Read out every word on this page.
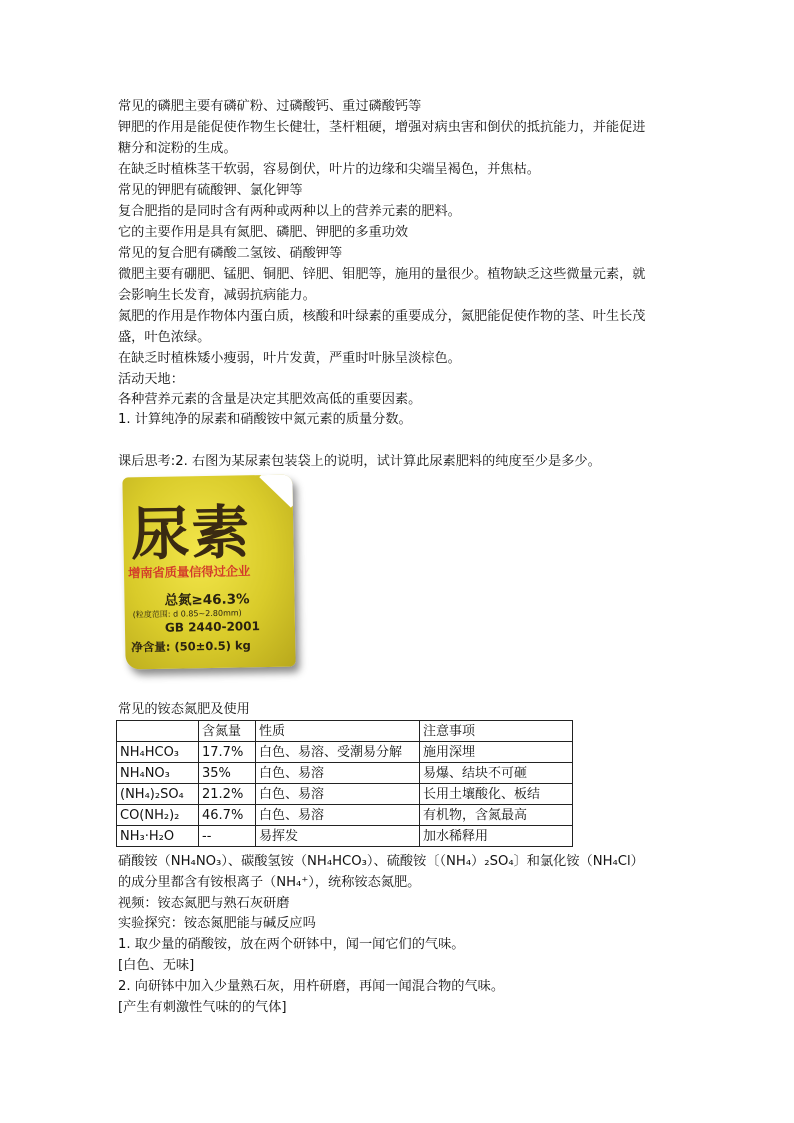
常见的磷肥主要有磷矿粉、过磷酸钙、重过磷酸钙等
钾肥的作用是能促使作物生长健壮，茎杆粗硬，增强对病虫害和倒伏的抵抗能力，并能促进
糖分和淀粉的生成。
在缺乏时植株茎干软弱，容易倒伏，叶片的边缘和尖端呈褐色，并焦枯。
常见的钾肥有硫酸钾、氯化钾等
复合肥指的是同时含有两种或两种以上的营养元素的肥料。
它的主要作用是具有氮肥、磷肥、钾肥的多重功效
常见的复合肥有磷酸二氢铵、硝酸钾等
微肥主要有硼肥、锰肥、铜肥、锌肥、钼肥等，施用的量很少。植物缺乏这些微量元素，就
会影响生长发育，减弱抗病能力。
氮肥的作用是作物体内蛋白质，核酸和叶绿素的重要成分，氮肥能促使作物的茎、叶生长茂
盛，叶色浓绿。
在缺乏时植株矮小瘦弱，叶片发黄，严重时叶脉呈淡棕色。
活动天地：
各种营养元素的含量是决定其肥效高低的重要因素。
1. 计算纯净的尿素和硝酸铵中氮元素的质量分数。
课后思考:2. 右图为某尿素包装袋上的说明，试计算此尿素肥料的纯度至少是多少。
尿素
增南省质量信得过企业
总氮≥46.3%
(粒度范围: d 0.85~2.80mm)
GB 2440-2001
净含量: (50±0.5) kg
常见的铵态氮肥及使用
	含氮量	性质	注意事项
NH₄HCO₃	17.7%	白色、易溶、受潮易分解	施用深埋
NH₄NO₃	35%	白色、易溶	易爆、结块不可砸
(NH₄)₂SO₄	21.2%	白色、易溶	长用土壤酸化、板结
CO(NH₂)₂	46.7%	白色、易溶	有机物，含氮最高
NH₃·H₂O	--	易挥发	加水稀释用
硝酸铵（NH₄NO₃）、碳酸氢铵（NH₄HCO₃）、硫酸铵〔（NH₄）₂SO₄〕和氯化铵（NH₄Cl）
的成分里都含有铵根离子（NH₄⁺），统称铵态氮肥。
视频：铵态氮肥与熟石灰研磨
实验探究：铵态氮肥能与碱反应吗
1. 取少量的硝酸铵，放在两个研钵中，闻一闻它们的气味。
[白色、无味]
2. 向研钵中加入少量熟石灰，用杵研磨，再闻一闻混合物的气味。
[产生有刺激性气味的的气体]
